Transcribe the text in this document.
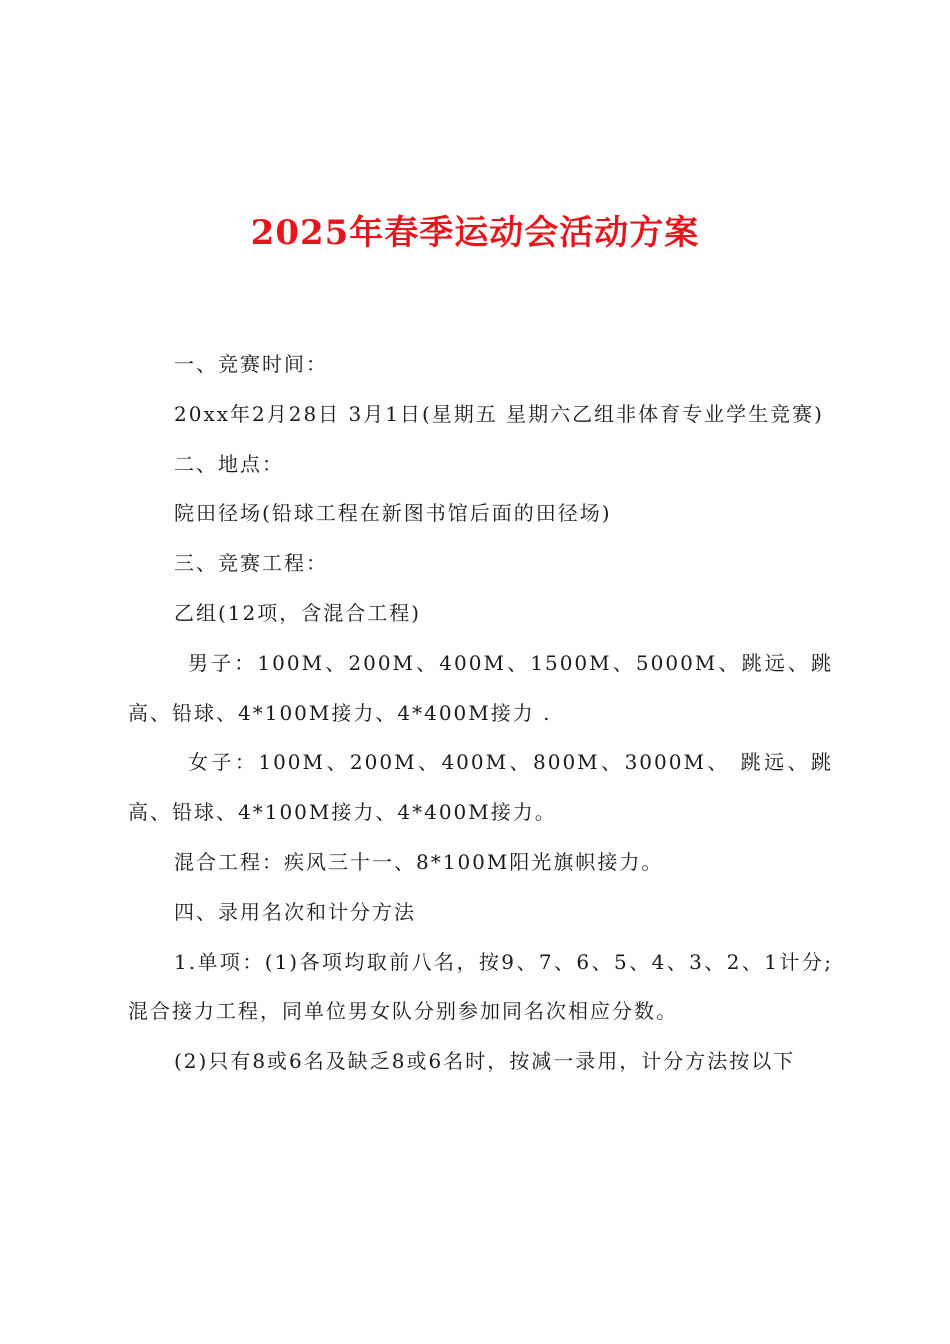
2025年春季运动会活动方案

一、竞赛时间：

20xx年2月28日 3月1日(星期五 星期六乙组非体育专业学生竞赛)

二、地点：

院田径场(铅球工程在新图书馆后面的田径场)

三、竞赛工程：

乙组(12项，含混合工程)

男子：100M、200M、400M、1500M、5000M、跳远、跳高、铅球、4*100M接力、4*400M接力 .

女子：100M、200M、400M、800M、3000M、 跳远、跳高、铅球、4*100M接力、4*400M接力。

混合工程：疾风三十一、8*100M阳光旗帜接力。

四、录用名次和计分方法

1.单项：(1)各项均取前八名，按9、7、6、5、4、3、2、1计分;混合接力工程，同单位男女队分别参加同名次相应分数。

(2)只有8或6名及缺乏8或6名时，按减一录用，计分方法按以下
